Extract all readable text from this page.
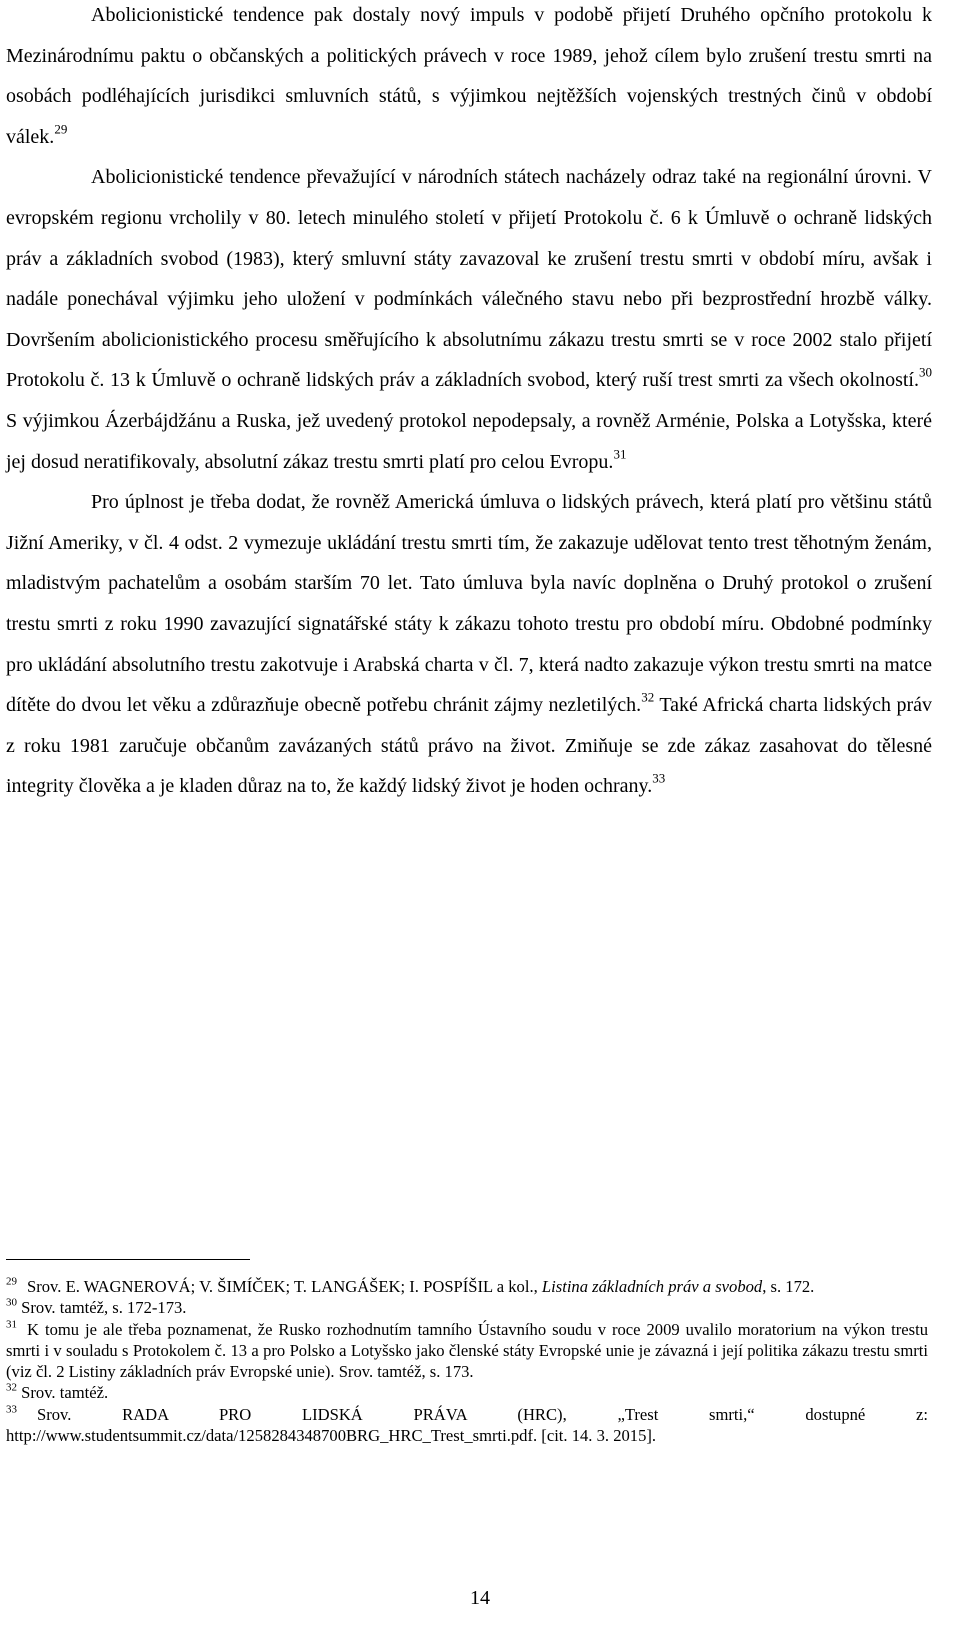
Abolicionistické tendence pak dostaly nový impuls v podobě přijetí Druhého opčního protokolu k Mezinárodnímu paktu o občanských a politických právech v roce 1989, jehož cílem bylo zrušení trestu smrti na osobách podléhajících jurisdikci smluvních států, s výjimkou nejtěžších vojenských trestných činů v období válek.$^{29}$

Abolicionistické tendence převažující v národních státech nacházely odraz také na regionální úrovni. V evropském regionu vrcholily v 80. letech minulého století v přijetí Protokolu č. 6 k Úmluvě o ochraně lidských práv a základních svobod (1983), který smluvní státy zavazoval ke zrušení trestu smrti v období míru, avšak i nadále ponechával výjimku jeho uložení v podmínkách válečného stavu nebo při bezprostřední hrozbě války. Dovršením abolicionistického procesu směřujícího k absolutnímu zákazu trestu smrti se v roce 2002 stalo přijetí Protokolu č. 13 k Úmluvě o ochraně lidských práv a základních svobod, který ruší trest smrti za všech okolností.$^{30}$ S výjimkou Ázerbájdžánu a Ruska, jež uvedený protokol nepodepsaly, a rovněž Arménie, Polska a Lotyšska, které jej dosud neratifikovaly, absolutní zákaz trestu smrti platí pro celou Evropu.$^{31}$

Pro úplnost je třeba dodat, že rovněž Americká úmluva o lidských právech, která platí pro většinu států Jižní Ameriky, v čl. 4 odst. 2 vymezuje ukládání trestu smrti tím, že zakazuje udělovat tento trest těhotným ženám, mladistvým pachatelům a osobám starším 70 let. Tato úmluva byla navíc doplněna o Druhý protokol o zrušení trestu smrti z roku 1990 zavazující signatářské státy k zákazu tohoto trestu pro období míru. Obdobné podmínky pro ukládání absolutního trestu zakotvuje i Arabská charta v čl. 7, která nadto zakazuje výkon trestu smrti na matce dítěte do dvou let věku a zdůrazňuje obecně potřebu chránit zájmy nezletilých.$^{32}$ Také Africká charta lidských práv z roku 1981 zaručuje občanům zavázaných států právo na život. Zmiňuje se zde zákaz zasahovat do tělesné integrity člověka a je kladen důraz na to, že každý lidský život je hoden ochrany.$^{33}$

$^{29}$ Srov. E. WAGNEROVÁ; V. ŠIMÍČEK; T. LANGÁŠEK; I. POSPÍŠIL a kol., Listina základních práv a svobod, s. 172.

$^{30}$ Srov. tamtéž, s. 172-173.

$^{31}$ K tomu je ale třeba poznamenat, že Rusko rozhodnutím tamního Ústavního soudu v roce 2009 uvalilo moratorium na výkon trestu smrti i v souladu s Protokolem č. 13 a pro Polsko a Lotyšsko jako členské státy Evropské unie je závazná i její politika zákazu trestu smrti (viz čl. 2 Listiny základních práv Evropské unie). Srov. tamtéž, s. 173.

$^{32}$ Srov. tamtéž.

$^{33}$ Srov. RADA PRO LIDSKÁ PRÁVA (HRC), „Trest smrti,“ dostupné z:

http://www.studentsummit.cz/data/1258284348700BRG_HRC_Trest_smrti.pdf. [cit. 14. 3. 2015].

14
